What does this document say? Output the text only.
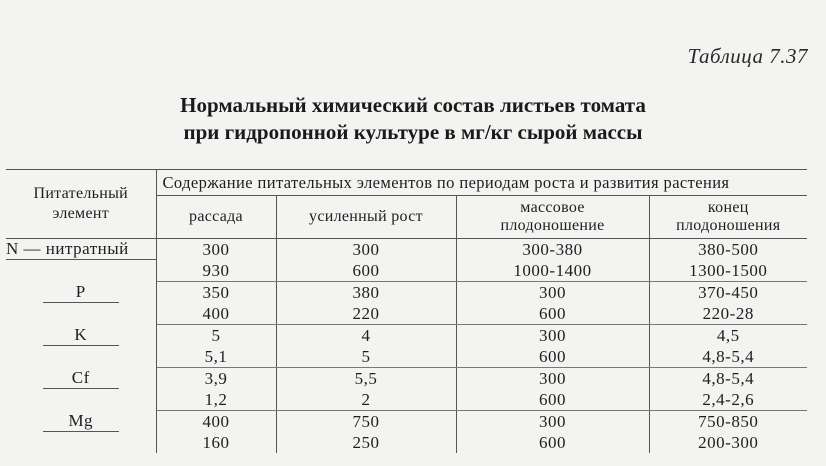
Таблица 7.37
Нормальный химический состав листьев томата
при гидропонной культуре в мг/кг сырой массы
Питательный элемент	Содержание питательных элементов по периодам роста и развития растения			
	рассада	усиленный рост	массовое плодоношение	конец плодоношения
N — нитратный	300	300	300-380	380-500
	930	600	1000-1400	1300-1500
P	350	380	300	370-450
	400	220	600	220-28
K	5	4	300	4,5
	5,1	5	600	4,8-5,4
Cf	3,9	5,5	300	4,8-5,4
	1,2	2	600	2,4-2,6
Mg	400	750	300	750-850
	160	250	600	200-300
